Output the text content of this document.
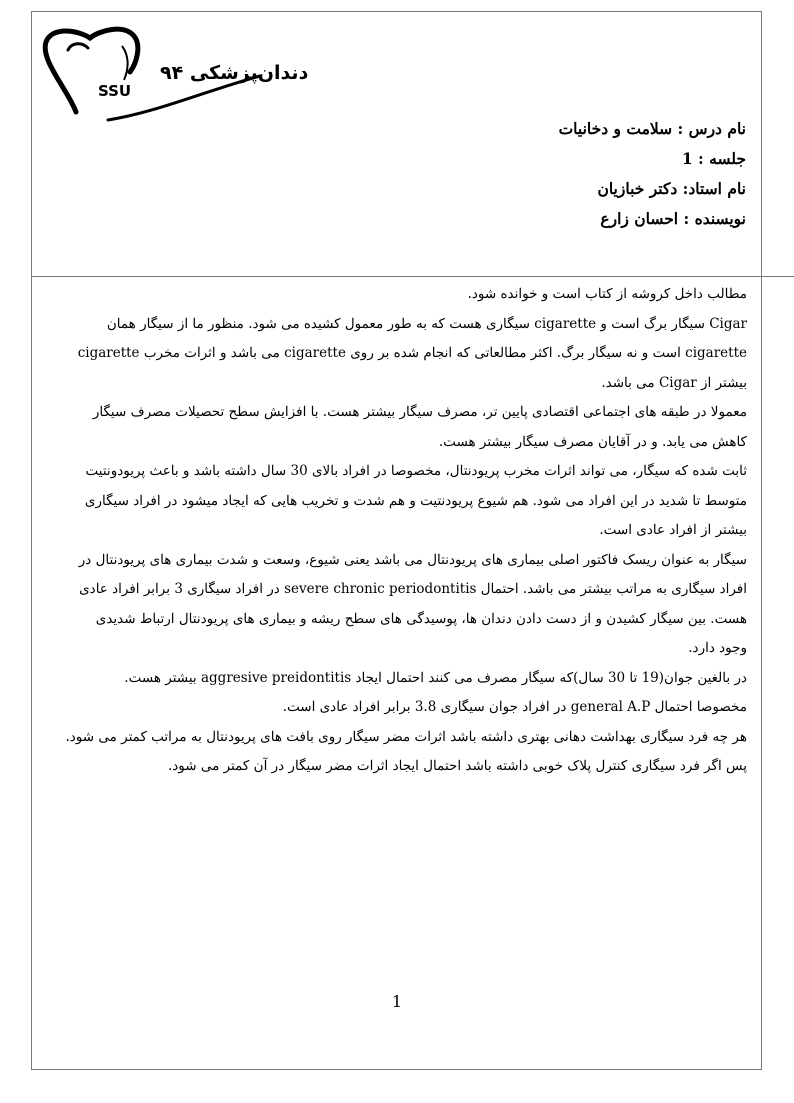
دندان‌پزشکی ۹۴
SSU
نام درس : سلامت و دخانیات
جلسه : 1
نام استاد: دکتر خبازیان
نویسنده : احسان زارع
مطالب داخل کروشه از کتاب است و خوانده شود.
Cigar سیگار برگ است و cigarette سیگاری هست که به طور معمول کشیده می شود. منظور ما از سیگار همان
cigarette است و نه سیگار برگ. اکثر مطالعاتی که انجام شده بر روی cigarette می باشد و اثرات مخرب cigarette
بیشتر از Cigar می باشد.
معمولا در طبقه های اجتماعی اقتصادی پایین تر، مصرف سیگار بیشتر هست. با افزایش سطح تحصیلات مصرف سیگار
کاهش می یابد. و در آقایان مصرف سیگار بیشتر هست.
ثابت شده که سیگار، می تواند اثرات مخرب پریودنتال، مخصوصا در افراد بالای 30 سال داشته باشد و باعث پریودونتیت
متوسط تا شدید در این افراد می شود. هم شیوع پریودنتیت و هم شدت و تخریب هایی که ایجاد میشود در افراد سیگاری
بیشتر از افراد عادی است.
سیگار به عنوان ریسک فاکتور اصلی بیماری های پریودنتال می باشد یعنی شیوع، وسعت و شدت بیماری های پریودنتال در
افراد سیگاری به مراتب بیشتر می باشد. احتمال severe chronic periodontitis در افراد سیگاری 3 برابر افراد عادی
هست. بین سیگار کشیدن و از دست دادن دندان ها، پوسیدگی های سطح ریشه و بیماری های پریودنتال ارتباط شدیدی
وجود دارد.
در بالغین جوان(19 تا 30 سال)که سیگار مصرف می کنند احتمال ایجاد aggresive preidontitis بیشتر هست.
مخصوصا احتمال general A.P در افراد جوان سیگاری 3.8 برابر افراد عادی است.
هر چه فرد سیگاری بهداشت دهانی بهتری داشته باشد اثرات مضر سیگار روی بافت های پریودنتال به مراتب کمتر می شود.
پس اگر فرد سیگاری کنترل پلاک خوبی داشته باشد احتمال ایجاد اثرات مضر سیگار در آن کمتر می شود.
1
